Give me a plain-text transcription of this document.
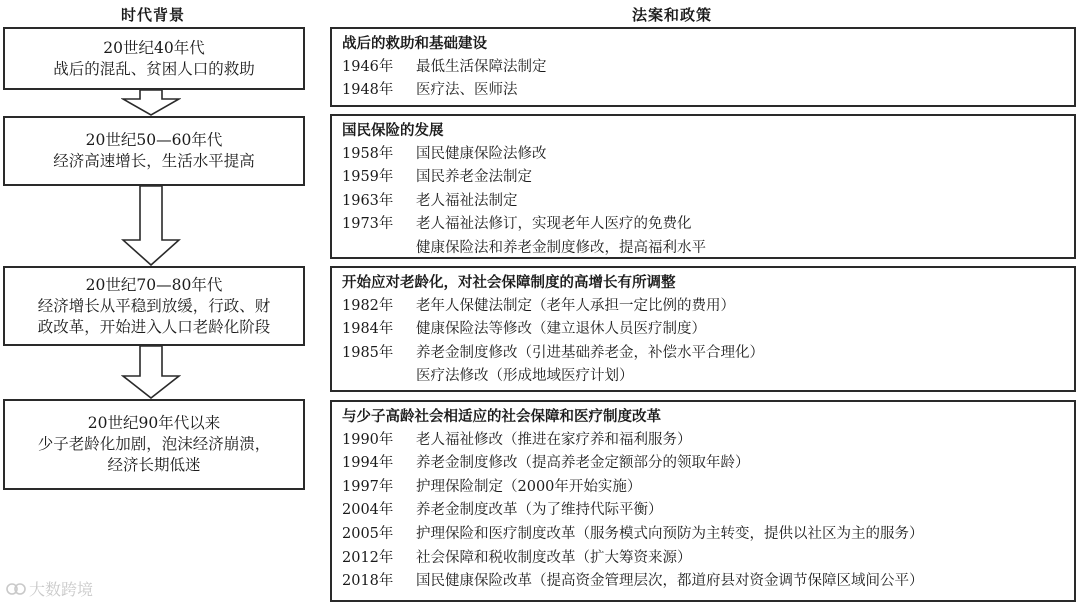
时代背景	法案和政策
20世纪40年代
战后的混乱、贫困人口的救助
20世纪50—60年代
经济高速增长，生活水平提高
20世纪70—80年代
经济增长从平稳到放缓，行政、财
政改革，开始进入人口老龄化阶段
20世纪90年代以来
少子老龄化加剧，泡沫经济崩溃，
经济长期低迷
战后的救助和基础建设
1946年 最低生活保障法制定
1948年 医疗法、医师法
国民保险的发展
1958年 国民健康保险法修改
1959年 国民养老金法制定
1963年 老人福祉法制定
1973年 老人福祉法修订，实现老年人医疗的免费化
健康保险法和养老金制度修改，提高福利水平
开始应对老龄化，对社会保障制度的高增长有所调整
1982年 老年人保健法制定（老年人承担一定比例的费用）
1984年 健康保险法等修改（建立退休人员医疗制度）
1985年 养老金制度修改（引进基础养老金，补偿水平合理化）
医疗法修改（形成地域医疗计划）
与少子高龄社会相适应的社会保障和医疗制度改革
1990年 老人福祉修改（推进在家疗养和福利服务）
1994年 养老金制度修改（提高养老金定额部分的领取年龄）
1997年 护理保险制定（2000年开始实施）
2004年 养老金制度改革（为了维持代际平衡）
2005年 护理保险和医疗制度改革（服务模式向预防为主转变，提供以社区为主的服务）
2012年 社会保障和税收制度改革（扩大筹资来源）
2018年 国民健康保险改革（提高资金管理层次，都道府县对资金调节保障区域间公平）
大数跨境
